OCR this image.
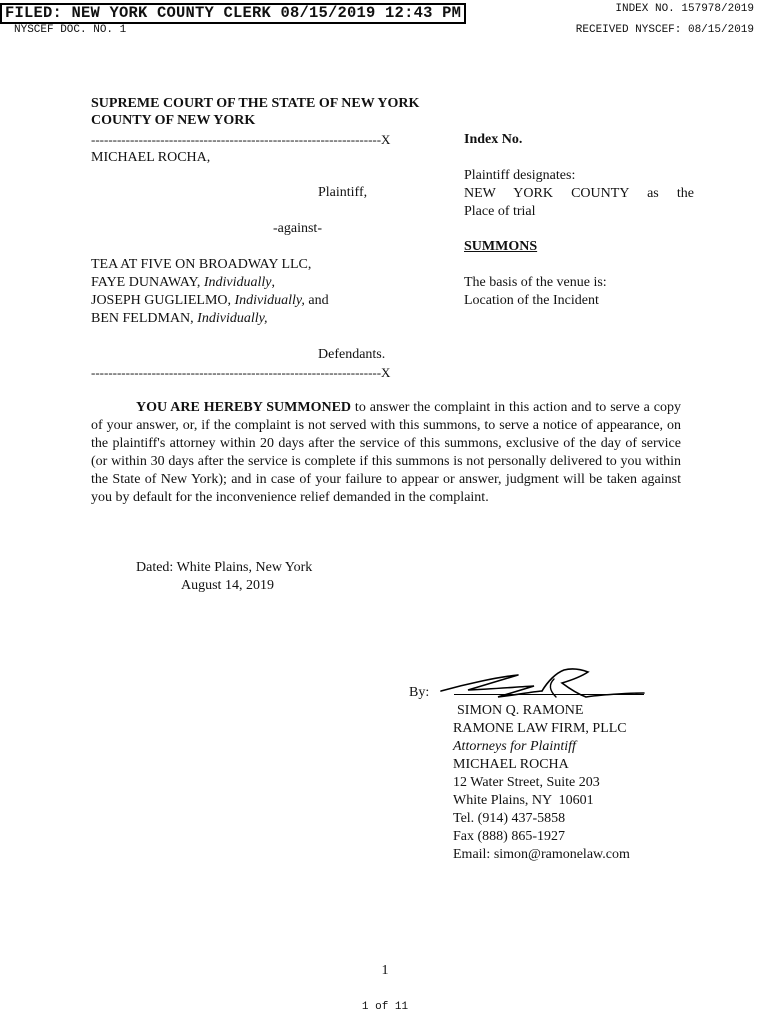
FILED: NEW YORK COUNTY CLERK 08/15/2019 12:43 PM	INDEX NO. 157978/2019
NYSCEF DOC. NO. 1	RECEIVED NYSCEF: 08/15/2019
SUPREME COURT OF THE STATE OF NEW YORK
COUNTY OF NEW YORK
-------------------------------------------------------------------X
MICHAEL ROCHA,
Plaintiff,
-against-
TEA AT FIVE ON BROADWAY LLC,
FAYE DUNAWAY, Individually,
JOSEPH GUGLIELMO, Individually, and
BEN FELDMAN, Individually,
Defendants.
-------------------------------------------------------------------X
Index No.
Plaintiff designates:
NEW YORK COUNTY as the
Place of trial
SUMMONS
The basis of the venue is:
Location of the Incident
YOU ARE HEREBY SUMMONED to answer the complaint in this action and to serve a copy of your answer, or, if the complaint is not served with this summons, to serve a notice of appearance, on the plaintiff's attorney within 20 days after the service of this summons, exclusive of the day of service (or within 30 days after the service is complete if this summons is not personally delivered to you within the State of New York); and in case of your failure to appear or answer, judgment will be taken against you by default for the inconvenience relief demanded in the complaint.
Dated: White Plains, New York
August 14, 2019
By:
SIMON Q. RAMONE
RAMONE LAW FIRM, PLLC
Attorneys for Plaintiff
MICHAEL ROCHA
12 Water Street, Suite 203
White Plains, NY  10601
Tel. (914) 437-5858
Fax (888) 865-1927
Email: simon@ramonelaw.com
1
1 of 11
